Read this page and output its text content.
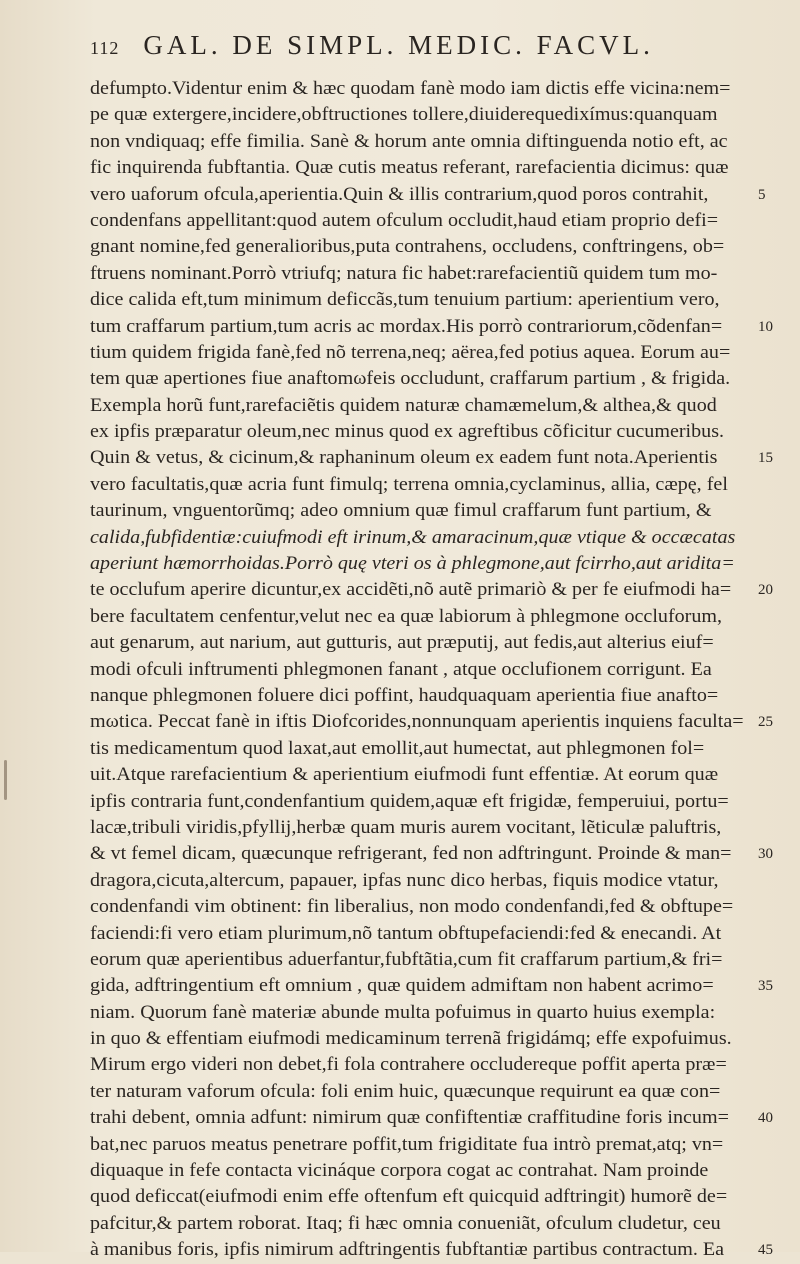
112 GAL. DE SIMPL. MEDIC. FACVL.
defumpto.Videntur enim & hæc quodam fanè modo iam dictis effe vicina:nem=
pe quæ extergere,incidere,obftructiones tollere,diuiderequedixímus:quanquam
non vndiquaq; effe fimilia. Sanè & horum ante omnia diftinguenda notio eft, ac
fic inquirenda fubftantia. Quæ cutis meatus referant, rarefacientia dicimus: quæ
vero uaforum ofcula,aperientia.Quin & illis contrarium,quod poros contrahit,	5
condenfans appellitant:quod autem ofculum occludit,haud etiam proprio defi=
gnant nomine,fed generalioribus,puta contrahens, occludens, conftringens, ob=
ftruens nominant.Porrò vtriufq; natura fic habet:rarefacientiũ quidem tum mo-
dice calida eft,tum minimum deficcãs,tum tenuium partium: aperientium vero,
tum craffarum partium,tum acris ac mordax.His porrò contrariorum,cõdenfan= 10
tium quidem frigida fanè,fed nõ terrena,neq; aërea,fed potius aquea. Eorum au=
tem quæ apertiones fiue anaftomωfeis occludunt, craffarum partium , & frigida.
Exempla horũ funt,rarefaciẽtis quidem naturæ chamæmelum,& althea,& quod
ex ipfis præparatur oleum,nec minus quod ex agreftibus cõficitur cucumeribus.
Quin & vetus, & cicinum,& raphaninum oleum ex eadem funt nota.Aperientis	15
vero facultatis,quæ acria funt fimulq; terrena omnia,cyclaminus, allia, cæpę, fel
taurinum, vnguentorũmq; adeo omnium quæ fimul craffarum funt partium, &
calida,fubfidentiæ:cuiufmodi eft irinum,& amaracinum,quæ vtique & occæcatas
aperiunt hæmorrhoidas.Porrò quę vteri os à phlegmone,aut fcirrho,aut aridita=
te occlufum aperire dicuntur,ex accidẽti,nõ autẽ primariò & per fe eiufmodi ha= 20
bere facultatem cenfentur,velut nec ea quæ labiorum à phlegmone occluforum,
aut genarum, aut narium, aut gutturis, aut præputij, aut fedis,aut alterius eiuf=
modi ofculi inftrumenti phlegmonen fanant , atque occlufionem corrigunt. Ea
nanque phlegmonen foluere dici poffint, haudquaquam aperientia fiue anafto=
mωtica. Peccat fanè in iftis Diofcorides,nonnunquam aperientis inquiens faculta= 25
tis medicamentum quod laxat,aut emollit,aut humectat, aut phlegmonen fol=
uit.Atque rarefacientium & aperientium eiufmodi funt effentiæ. At eorum quæ
ipfis contraria funt,condenfantium quidem,aquæ eft frigidæ, femperuiui, portu=
lacæ,tribuli viridis,pfyllij,herbæ quam muris aurem vocitant, lẽticulæ paluftris,
& vt femel dicam, quæcunque refrigerant, fed non adftringunt. Proinde & man= 30
dragora,cicuta,altercum, papauer, ipfas nunc dico herbas, fiquis modice vtatur,
condenfandi vim obtinent: fin liberalius, non modo condenfandi,fed & obftupe=
faciendi:fi vero etiam plurimum,nõ tantum obftupefaciendi:fed & enecandi. At
eorum quæ aperientibus aduerfantur,fubftãtia,cum fit craffarum partium,& fri=
gida, adftringentium eft omnium , quæ quidem admiftam non habent acrimo=	35
niam. Quorum fanè materiæ abunde multa pofuimus in quarto huius exempla:
in quo & effentiam eiufmodi medicaminum terrenã frigidámq; effe expofuimus.
Mirum ergo videri non debet,fi fola contrahere occludereque poffit aperta præ=
ter naturam vaforum ofcula: foli enim huic, quæcunque requirunt ea quæ con=
trahi debent, omnia adfunt: nimirum quæ confiftentiæ craffitudine foris incum= 40
bat,nec paruos meatus penetrare poffit,tum frigiditate fua intrò premat,atq; vn=
diquaque in fefe contacta vicináque corpora cogat ac contrahat. Nam proinde
quod deficcat(eiufmodi enim effe oftenfum eft quicquid adftringit) humorẽ de=
pafcitur,& partem roborat. Itaq; fi hæc omnia conueniãt, ofculum cludetur, ceu
à manibus foris, ipfis nimirum adftringentis fubftantiæ partibus contractum. Ea 45
